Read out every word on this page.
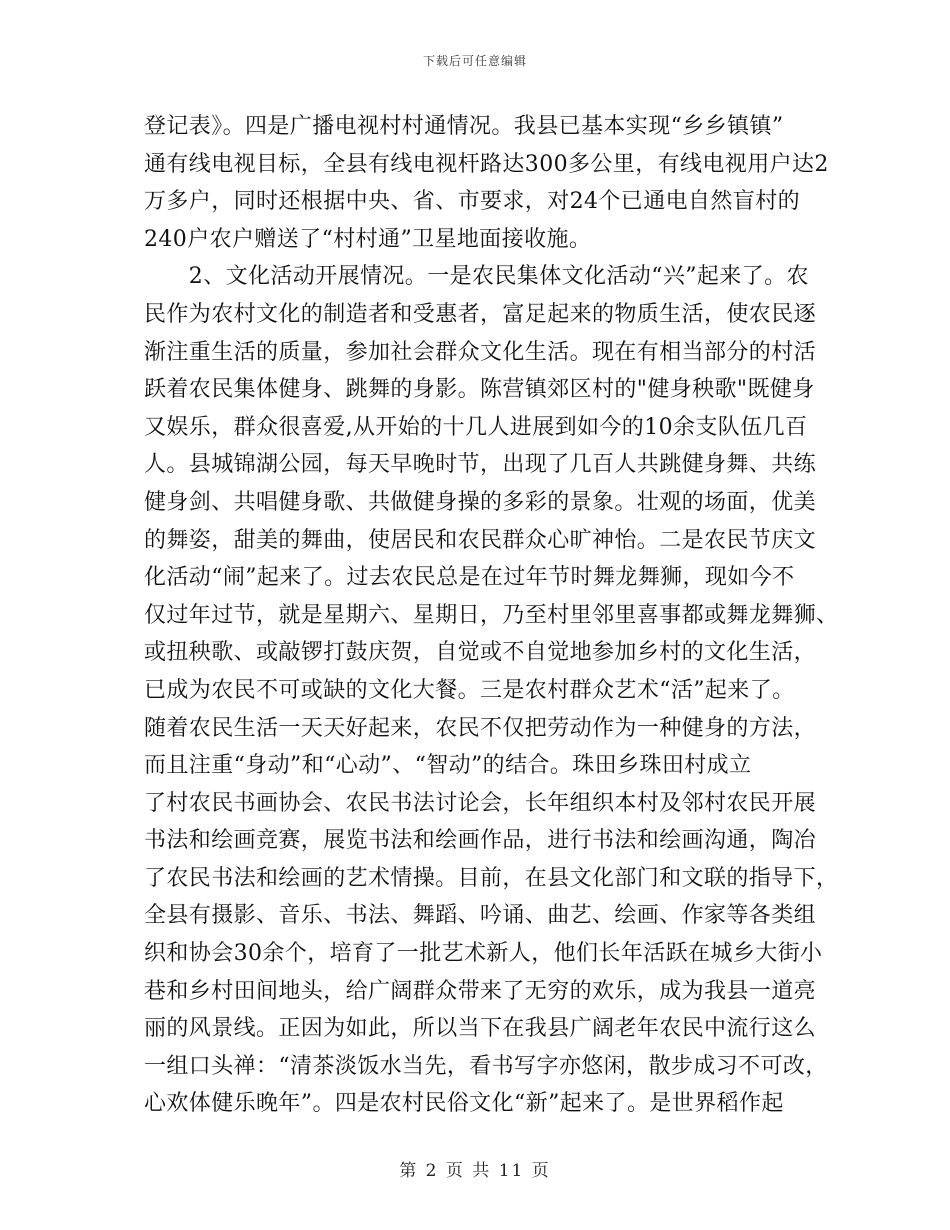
下载后可任意编辑
登记表》。四是广播电视村村通情况。我县已基本实现“乡乡镇镇”
通有线电视目标，全县有线电视杆路达300多公里，有线电视用户达2
万多户，同时还根据中央、省、市要求，对24个已通电自然盲村的
240户农户赠送了“村村通”卫星地面接收施。
　　2、文化活动开展情况。一是农民集体文化活动“兴”起来了。农
民作为农村文化的制造者和受惠者，富足起来的物质生活，使农民逐
渐注重生活的质量，参加社会群众文化生活。现在有相当部分的村活
跃着农民集体健身、跳舞的身影。陈营镇郊区村的"健身秧歌"既健身
又娱乐，群众很喜爱,从开始的十几人进展到如今的10余支队伍几百
人。县城锦湖公园，每天早晚时节，出现了几百人共跳健身舞、共练
健身剑、共唱健身歌、共做健身操的多彩的景象。壮观的场面，优美
的舞姿，甜美的舞曲，使居民和农民群众心旷神怡。二是农民节庆文
化活动“闹”起来了。过去农民总是在过年节时舞龙舞狮，现如今不
仅过年过节，就是星期六、星期日，乃至村里邻里喜事都或舞龙舞狮、
或扭秧歌、或敲锣打鼓庆贺，自觉或不自觉地参加乡村的文化生活，
已成为农民不可或缺的文化大餐。三是农村群众艺术“活”起来了。
随着农民生活一天天好起来，农民不仅把劳动作为一种健身的方法，
而且注重“身动”和“心动”、“智动”的结合。珠田乡珠田村成立
了村农民书画协会、农民书法讨论会，长年组织本村及邻村农民开展
书法和绘画竞赛，展览书法和绘画作品，进行书法和绘画沟通，陶冶
了农民书法和绘画的艺术情操。目前，在县文化部门和文联的指导下，
全县有摄影、音乐、书法、舞蹈、吟诵、曲艺、绘画、作家等各类组
织和协会30余个，培育了一批艺术新人，他们长年活跃在城乡大街小
巷和乡村田间地头，给广阔群众带来了无穷的欢乐，成为我县一道亮
丽的风景线。正因为如此，所以当下在我县广阔老年农民中流行这么
一组口头禅：“清茶淡饭水当先，看书写字亦悠闲，散步成习不可改，
心欢体健乐晚年”。四是农村民俗文化“新”起来了。是世界稻作起
第 2 页 共 11 页
